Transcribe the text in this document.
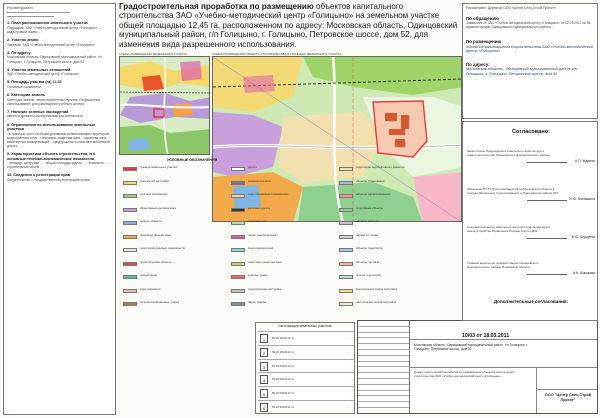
Рекомендовано
1. План расположения земельного участка
Подрядчик: ЗАО «Учебно-методический центр «Голицыно» ... кадастровый номер ...
2. Участок земли
Заказчик: ЗАО «Учебно-методический центр «Голицыно»
3. По адресу:
Московская область, Одинцовский муниципальный район, г/п Голицыно, г. Голицыно, Петровское шоссе, дом 52
4. Участок земельных отношений
ЗАО «Учебно-методический центр «Голицыно»
5. Площадь участка (га) 12,45
Основные показатели
6. Категория земель
Категория земель: земли населенных пунктов. Разрешенное использование: для размещения учебного центра
7. Наличие зеленых насаждений
имеется древесно-кустарниковая растительность
8. Ограничения по использованию земельных участков
- в границах зон с особыми условиями использования территорий; - водоохранная зона; - санитарно-защитная зона; - охранная зона инженерных коммуникаций; - придорожная полоса автомобильной дороги ...
9. Характеристики объекта строительства, его основные технико-экономические показатели
- площадь застройки ... - общая площадь здания ... - этажность ... - строительный объем ...
10. Сведения о регистрации прав
Свидетельство о государственной регистрации права ...
Градостроительная проработка по размещению объектов капитального строительства ЗАО «Учебно-методический центр «Голицыно» на земельном участке общей площадью 12,45 га, расположенном по адресу: Московская область, Одинцовский муниципальный район, г/п Голицыно, г. Голицыно, Петровское шоссе, дом 52, для изменения вида разрешенного использования.
СХЕМА РАЗМЕЩЕНИЯ ЗЕМЕЛЬНОГО УЧАСТКА	СХЕМА РАЗМЕЩЕНИЯ ОБЪЕКТА СТРОИТЕЛЬСТВА В ГРАНИЦАХ ЗЕМЕЛЬНОГО УЧАСТКА
УСЛОВНЫЕ ОБОЗНАЧЕНИЯ
граница земельного участка
зона жилой застройки
зеленые насаждения
общественно-деловая зона
водные объекты
производственная зона
территория садовых товариществ
проектируемые объекты
лесной фонд
зона рекреации
сельскохозяйственные угодья
дороги
инженерные сети
зона специального назначения
железная дорога
охранная зона
линии электропередач
водоохранная зона
санитарно-защитная зона
красные линии
существующая застройка
парки, скверы
территории перспективного развития
объекты образования
объекты здравоохранения
спортивные объекты
объекты культуры
гаражи и стоянки
объекты транспорта
объекты торговли
прочие территории
многоэтажная жилая застройка
малоэтажная жилая застройка
Экспликация земельных участков
1	50:20:0010112:xx	...
2	50:20:0010112:xx	...
3	50:20:0010112:xx	...
4	50:20:0010112:xx	...
5	50:20:0010112:xx	...
6	50:20:0010112:xx	...
Московская область, Одинцовский муниципальный район, г/п Голицыно, г. Голицыно, Петровское шоссе, дом 52
Градостроительная проработка по размещению объектов капитального строительства ЗАО «Учебно-методический центр «Голицыно»
ООО "Центр Спец Строй Проект"
Рассмотрено: Директор ООО «Центр Спец Строй Проект»
По обращению
Заявление от ЗАО «Учебно-методический центр «Голицыно» от 02.03.2011 № 38, Администрации Одинцовского муниципального района ...
По размещению
объектов капитального строительства ЗАО «Учебно-методический центр «Голицыно»
По адресу:
Московская область, Одинцовский муниципальный район, г/п Голицыно, г. Голицыно, Петровское шоссе, дом 52
Согласовано:
Заместитель Председателя Комитета по архитектуре и градостроительству Одинцовского муниципального района
А.П. Жданов
Начальник ТО ТУ Роспотребнадзора по Московской области в городах Звенигород, Краснознаменск и Одинцовском районе МО
Н.Ю. Малашина
Старший инспектор земельного контроля отдела надзора в землеустройстве Управления Росреестра по ЦФО
В.Ю. Шушунов
Главный архитектор Администрации Одинцовского муниципального района Московской области
А.Н. Шашкова
Дополнительные согласования:
10/03 от 18.03.2011
